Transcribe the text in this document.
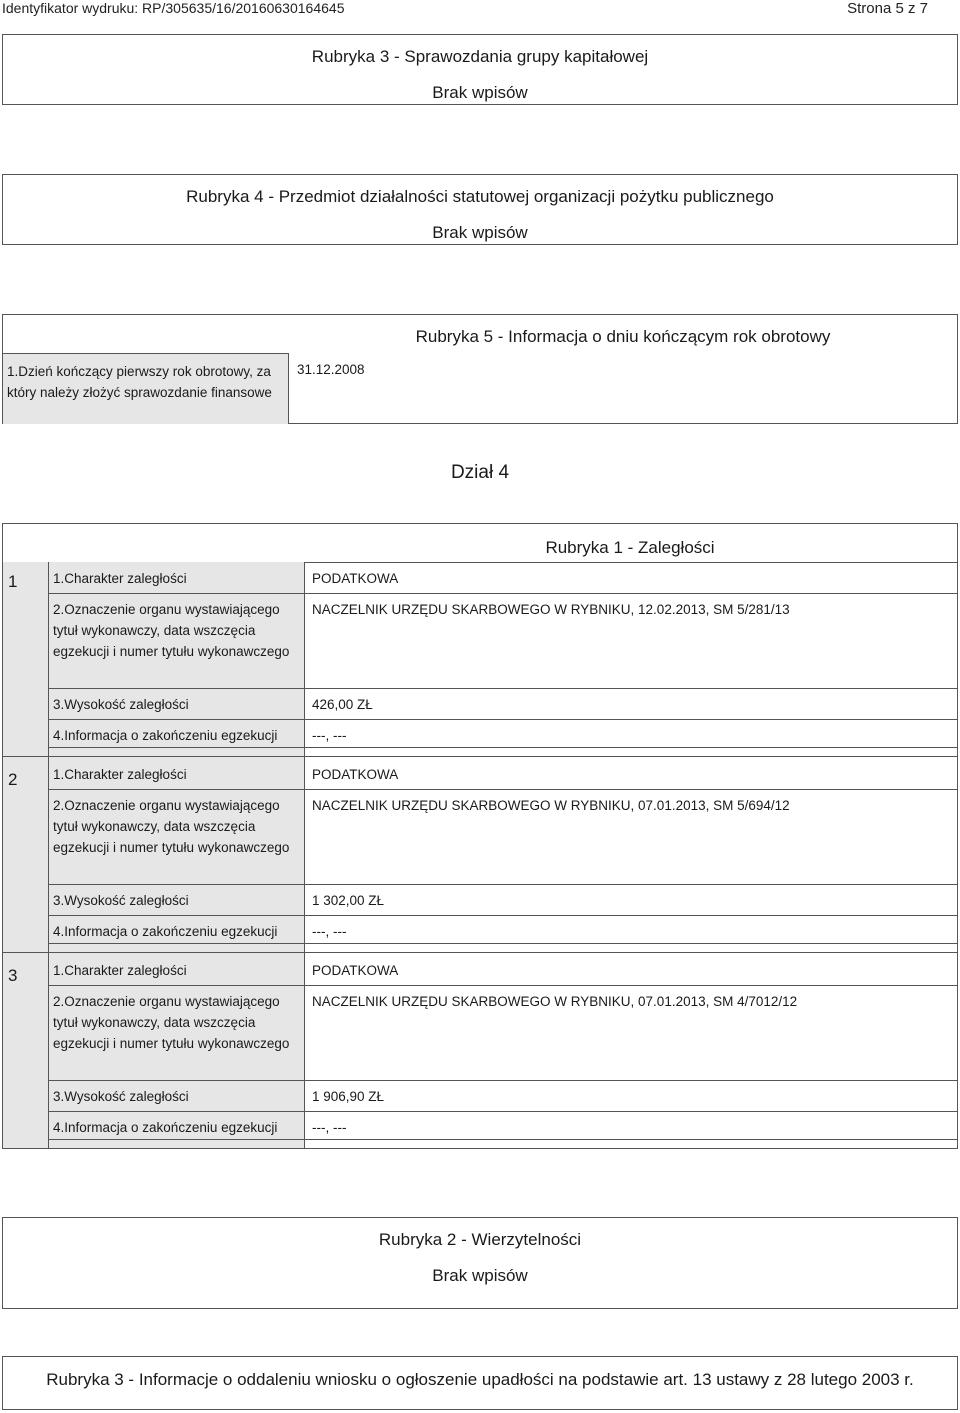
Identyfikator wydruku: RP/305635/16/20160630164645	Strona 5 z 7
Rubryka 3 - Sprawozdania grupy kapitałowej
Brak wpisów
Rubryka 4 - Przedmiot działalności statutowej organizacji pożytku publicznego
Brak wpisów
Rubryka 5 - Informacja o dniu kończącym rok obrotowy
1.Dzień kończący pierwszy rok obrotowy, za który należy złożyć sprawozdanie finansowe
31.12.2008
Dział 4
Rubryka 1 - Zaległości
1	1.Charakter zaległości	PODATKOWA
2.Oznaczenie organu wystawiającego tytuł wykonawczy, data wszczęcia egzekucji i numer tytułu wykonawczego
NACZELNIK URZĘDU SKARBOWEGO W RYBNIKU, 12.02.2013, SM 5/281/13
3.Wysokość zaległości	426,00 ZŁ
4.Informacja o zakończeniu egzekucji	---, ---
2	1.Charakter zaległości	PODATKOWA
2.Oznaczenie organu wystawiającego tytuł wykonawczy, data wszczęcia egzekucji i numer tytułu wykonawczego
NACZELNIK URZĘDU SKARBOWEGO W RYBNIKU, 07.01.2013, SM 5/694/12
3.Wysokość zaległości	1 302,00 ZŁ
4.Informacja o zakończeniu egzekucji	---, ---
3	1.Charakter zaległości	PODATKOWA
2.Oznaczenie organu wystawiającego tytuł wykonawczy, data wszczęcia egzekucji i numer tytułu wykonawczego
NACZELNIK URZĘDU SKARBOWEGO W RYBNIKU, 07.01.2013, SM 4/7012/12
3.Wysokość zaległości	1 906,90 ZŁ
4.Informacja o zakończeniu egzekucji	---, ---
Rubryka 2 - Wierzytelności
Brak wpisów
Rubryka 3 - Informacje o oddaleniu wniosku o ogłoszenie upadłości na podstawie art. 13 ustawy z 28 lutego 2003 r.
